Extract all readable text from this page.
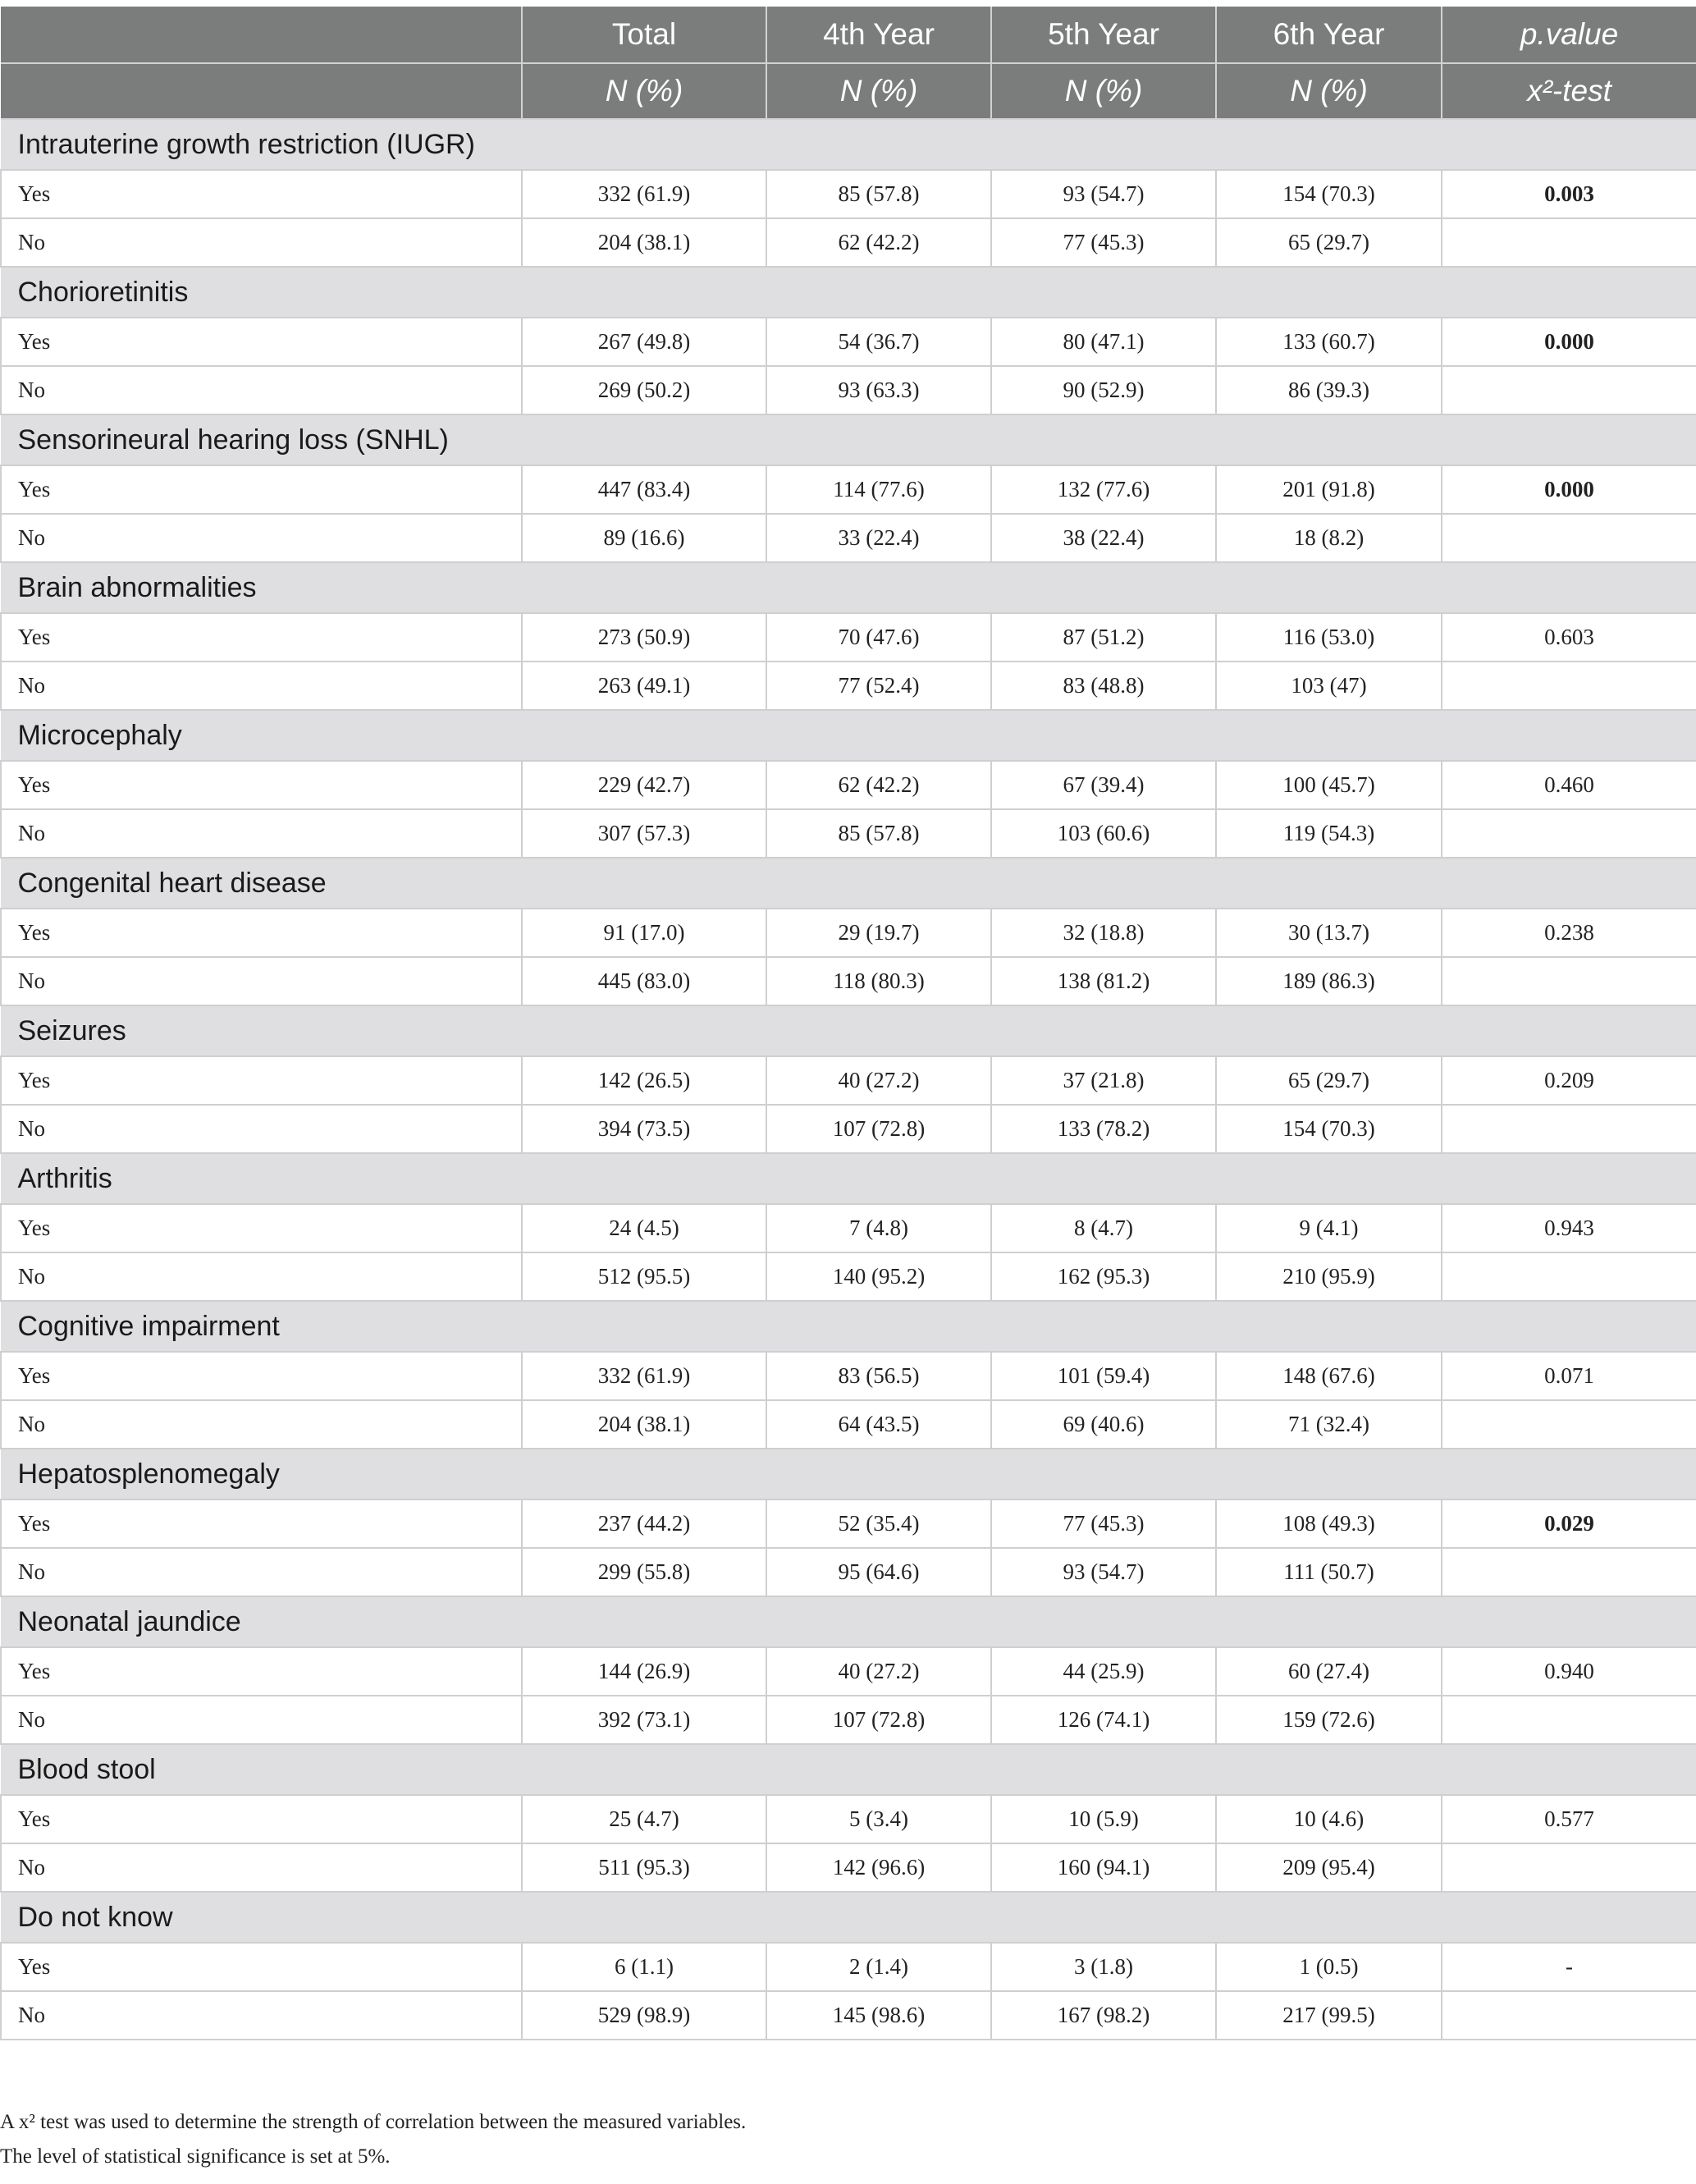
	Total	4th Year	5th Year	6th Year	p.value
	N (%)	N (%)	N (%)	N (%)	x²-test
Intrauterine growth restriction (IUGR)					
Yes	332 (61.9)	85 (57.8)	93 (54.7)	154 (70.3)	0.003
No	204 (38.1)	62 (42.2)	77 (45.3)	65 (29.7)	
Chorioretinitis					
Yes	267 (49.8)	54 (36.7)	80 (47.1)	133 (60.7)	0.000
No	269 (50.2)	93 (63.3)	90 (52.9)	86 (39.3)	
Sensorineural hearing loss (SNHL)					
Yes	447 (83.4)	114 (77.6)	132 (77.6)	201 (91.8)	0.000
No	89 (16.6)	33 (22.4)	38 (22.4)	18 (8.2)	
Brain abnormalities					
Yes	273 (50.9)	70 (47.6)	87 (51.2)	116 (53.0)	0.603
No	263 (49.1)	77 (52.4)	83 (48.8)	103 (47)	
Microcephaly					
Yes	229 (42.7)	62 (42.2)	67 (39.4)	100 (45.7)	0.460
No	307 (57.3)	85 (57.8)	103 (60.6)	119 (54.3)	
Congenital heart disease					
Yes	91 (17.0)	29 (19.7)	32 (18.8)	30 (13.7)	0.238
No	445 (83.0)	118 (80.3)	138 (81.2)	189 (86.3)	
Seizures					
Yes	142 (26.5)	40 (27.2)	37 (21.8)	65 (29.7)	0.209
No	394 (73.5)	107 (72.8)	133 (78.2)	154 (70.3)	
Arthritis					
Yes	24 (4.5)	7 (4.8)	8 (4.7)	9 (4.1)	0.943
No	512 (95.5)	140 (95.2)	162 (95.3)	210 (95.9)	
Cognitive impairment					
Yes	332 (61.9)	83 (56.5)	101 (59.4)	148 (67.6)	0.071
No	204 (38.1)	64 (43.5)	69 (40.6)	71 (32.4)	
Hepatosplenomegaly					
Yes	237 (44.2)	52 (35.4)	77 (45.3)	108 (49.3)	0.029
No	299 (55.8)	95 (64.6)	93 (54.7)	111 (50.7)	
Neonatal jaundice					
Yes	144 (26.9)	40 (27.2)	44 (25.9)	60 (27.4)	0.940
No	392 (73.1)	107 (72.8)	126 (74.1)	159 (72.6)	
Blood stool					
Yes	25 (4.7)	5 (3.4)	10 (5.9)	10 (4.6)	0.577
No	511 (95.3)	142 (96.6)	160 (94.1)	209 (95.4)	
Do not know					
Yes	6 (1.1)	2 (1.4)	3 (1.8)	1 (0.5)	-
No	529 (98.9)	145 (98.6)	167 (98.2)	217 (99.5)	

A x² test was used to determine the strength of correlation between the measured variables.

The level of statistical significance is set at 5%.
